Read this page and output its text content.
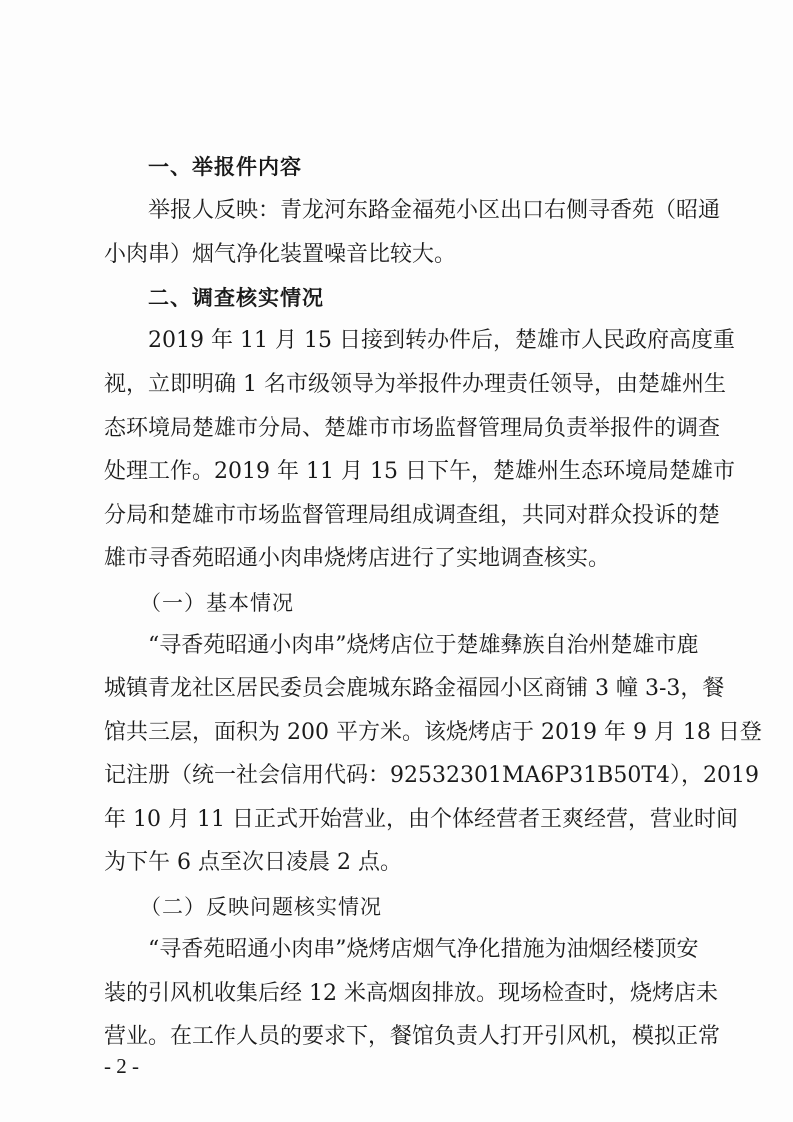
一、举报件内容
举报人反映：青龙河东路金福苑小区出口右侧寻香苑（昭通
小肉串）烟气净化装置噪音比较大。
二、调查核实情况
2019 年 11 月 15 日接到转办件后，楚雄市人民政府高度重
视，立即明确 1 名市级领导为举报件办理责任领导，由楚雄州生
态环境局楚雄市分局、楚雄市市场监督管理局负责举报件的调查
处理工作。2019 年 11 月 15 日下午，楚雄州生态环境局楚雄市
分局和楚雄市市场监督管理局组成调查组，共同对群众投诉的楚
雄市寻香苑昭通小肉串烧烤店进行了实地调查核实。
（一）基本情况
“寻香苑昭通小肉串”烧烤店位于楚雄彝族自治州楚雄市鹿
城镇青龙社区居民委员会鹿城东路金福园小区商铺 3 幢 3-3，餐
馆共三层，面积为 200 平方米。该烧烤店于 2019 年 9 月 18 日登
记注册（统一社会信用代码：92532301MA6P31B50T4），2019
年 10 月 11 日正式开始营业，由个体经营者王爽经营，营业时间
为下午 6 点至次日凌晨 2 点。
（二）反映问题核实情况
“寻香苑昭通小肉串”烧烤店烟气净化措施为油烟经楼顶安
装的引风机收集后经 12 米高烟囱排放。现场检查时，烧烤店未
营业。在工作人员的要求下，餐馆负责人打开引风机，模拟正常
- 2 -
